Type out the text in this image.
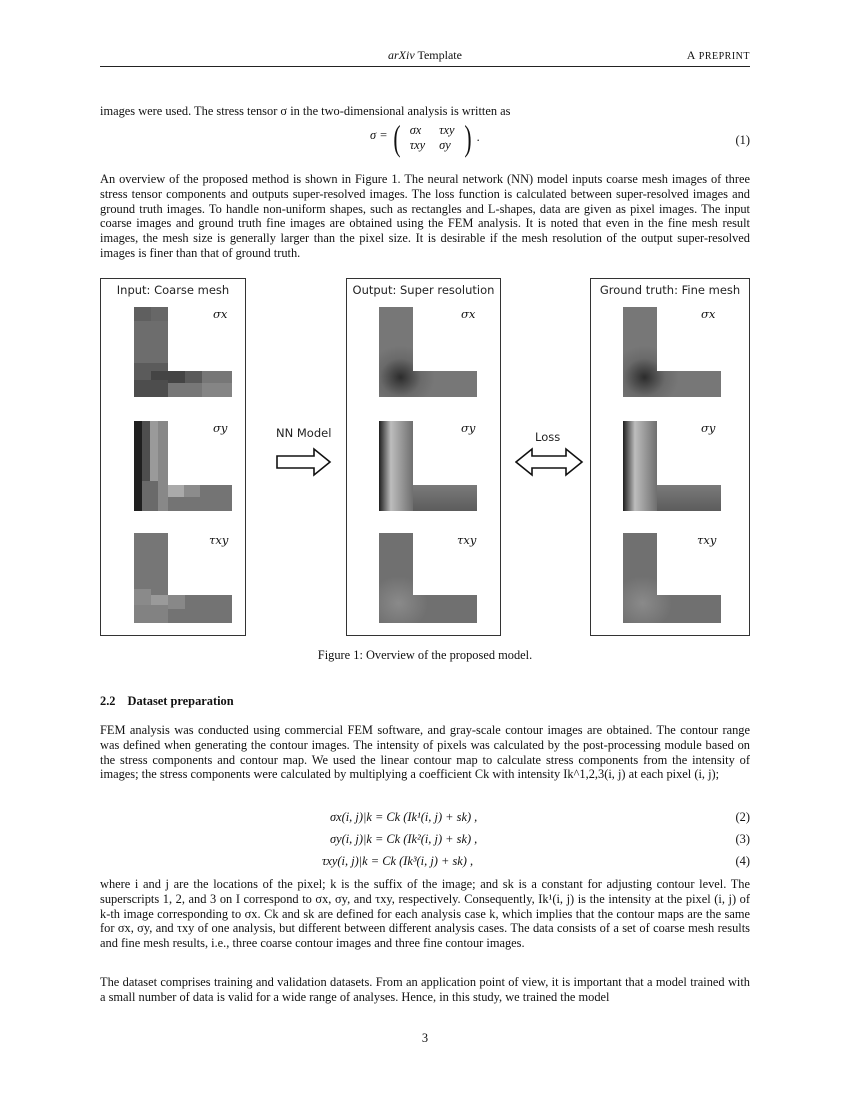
arXiv Template	A PREPRINT
images were used. The stress tensor σ in the two-dimensional analysis is written as
σ = ( σx	τxy
τxy	σy ) .	(1)
An overview of the proposed method is shown in Figure 1. The neural network (NN) model inputs coarse mesh images of three stress tensor components and outputs super-resolved images. The loss function is calculated between super-resolved images and ground truth images. To handle non-uniform shapes, such as rectangles and L-shapes, data are given as pixel images. The input coarse images and ground truth fine images are obtained using the FEM analysis. It is noted that even in the fine mesh result images, the mesh size is generally larger than the pixel size. It is desirable if the mesh resolution of the output super-resolved images is finer than that of ground truth.
Input: Coarse mesh
σx
σy
τxy
NN Model
Output: Super resolution
σx
σy
τxy
Loss
Ground truth: Fine mesh
σx
σy
τxy
Figure 1: Overview of the proposed model.
2.2 Dataset preparation
FEM analysis was conducted using commercial FEM software, and gray-scale contour images are obtained. The contour range was defined when generating the contour images. The intensity of pixels was calculated by the post-processing module based on the stress components and contour map. We used the linear contour map to calculate stress components from the intensity of images; the stress components were calculated by multiplying a coefficient Ck with intensity Ik^1,2,3(i, j) at each pixel (i, j);
σx(i, j)|k = Ck (Ik¹(i, j) + sk) ,	(2)
σy(i, j)|k = Ck (Ik²(i, j) + sk) ,	(3)
τxy(i, j)|k = Ck (Ik³(i, j) + sk) ,	(4)
where i and j are the locations of the pixel; k is the suffix of the image; and sk is a constant for adjusting contour level. The superscripts 1, 2, and 3 on I correspond to σx, σy, and τxy, respectively. Consequently, Ik¹(i, j) is the intensity at the pixel (i, j) of k-th image corresponding to σx. Ck and sk are defined for each analysis case k, which implies that the contour maps are the same for σx, σy, and τxy of one analysis, but different between different analysis cases. The data consists of a set of coarse mesh results and fine mesh results, i.e., three coarse contour images and three fine contour images.
The dataset comprises training and validation datasets. From an application point of view, it is important that a model trained with a small number of data is valid for a wide range of analyses. Hence, in this study, we trained the model
3
